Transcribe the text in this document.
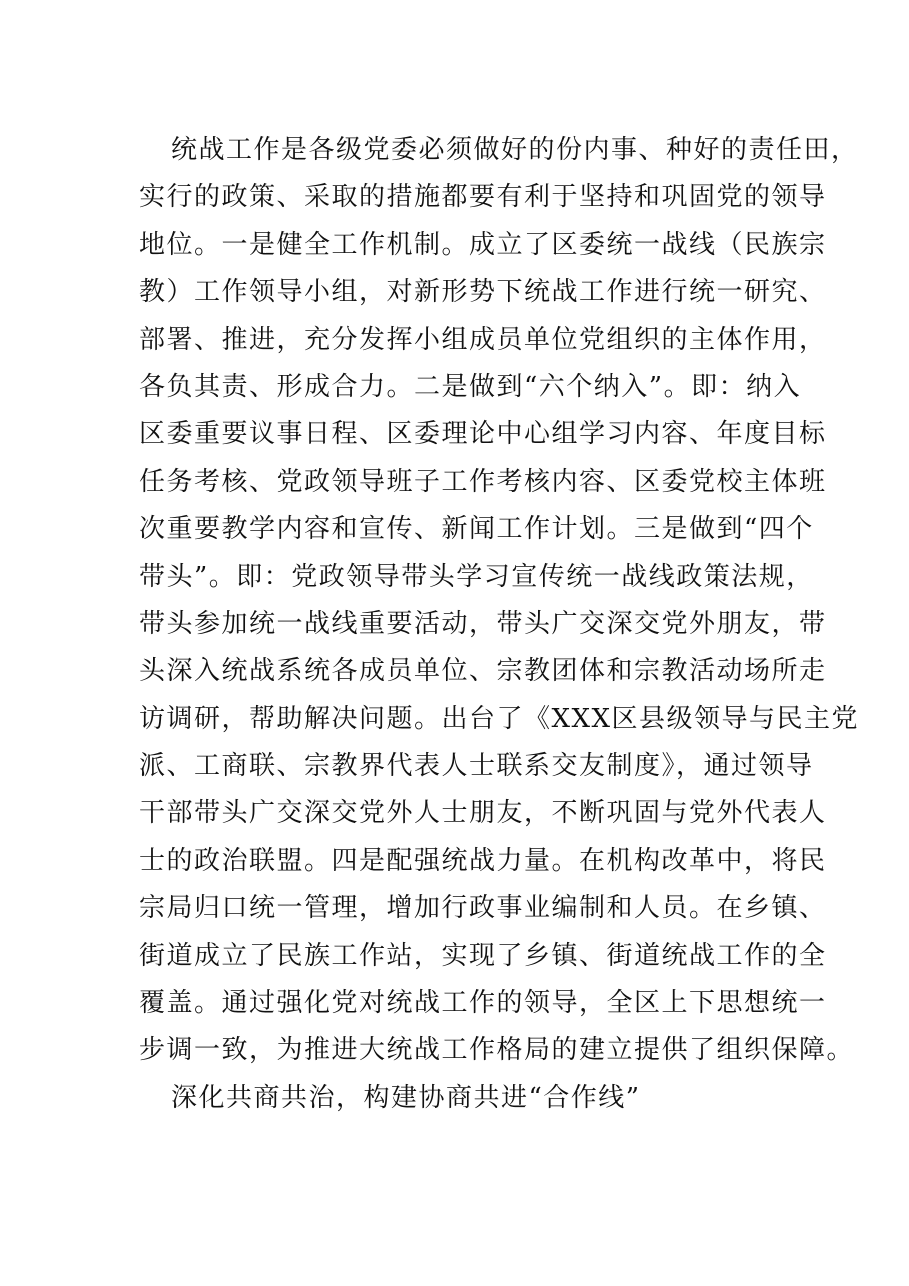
统战工作是各级党委必须做好的份内事、种好的责任田，
实行的政策、采取的措施都要有利于坚持和巩固党的领导
地位。一是健全工作机制。成立了区委统一战线（民族宗
教）工作领导小组，对新形势下统战工作进行统一研究、
部署、推进，充分发挥小组成员单位党组织的主体作用，
各负其责、形成合力。二是做到“六个纳入”。即：纳入
区委重要议事日程、区委理论中心组学习内容、年度目标
任务考核、党政领导班子工作考核内容、区委党校主体班
次重要教学内容和宣传、新闻工作计划。三是做到“四个
带头”。即：党政领导带头学习宣传统一战线政策法规，
带头参加统一战线重要活动，带头广交深交党外朋友，带
头深入统战系统各成员单位、宗教团体和宗教活动场所走
访调研，帮助解决问题。出台了《XXX区县级领导与民主党
派、工商联、宗教界代表人士联系交友制度》，通过领导
干部带头广交深交党外人士朋友，不断巩固与党外代表人
士的政治联盟。四是配强统战力量。在机构改革中，将民
宗局归口统一管理，增加行政事业编制和人员。在乡镇、
街道成立了民族工作站，实现了乡镇、街道统战工作的全
覆盖。通过强化党对统战工作的领导，全区上下思想统一
步调一致，为推进大统战工作格局的建立提供了组织保障。
深化共商共治，构建协商共进“合作线”
